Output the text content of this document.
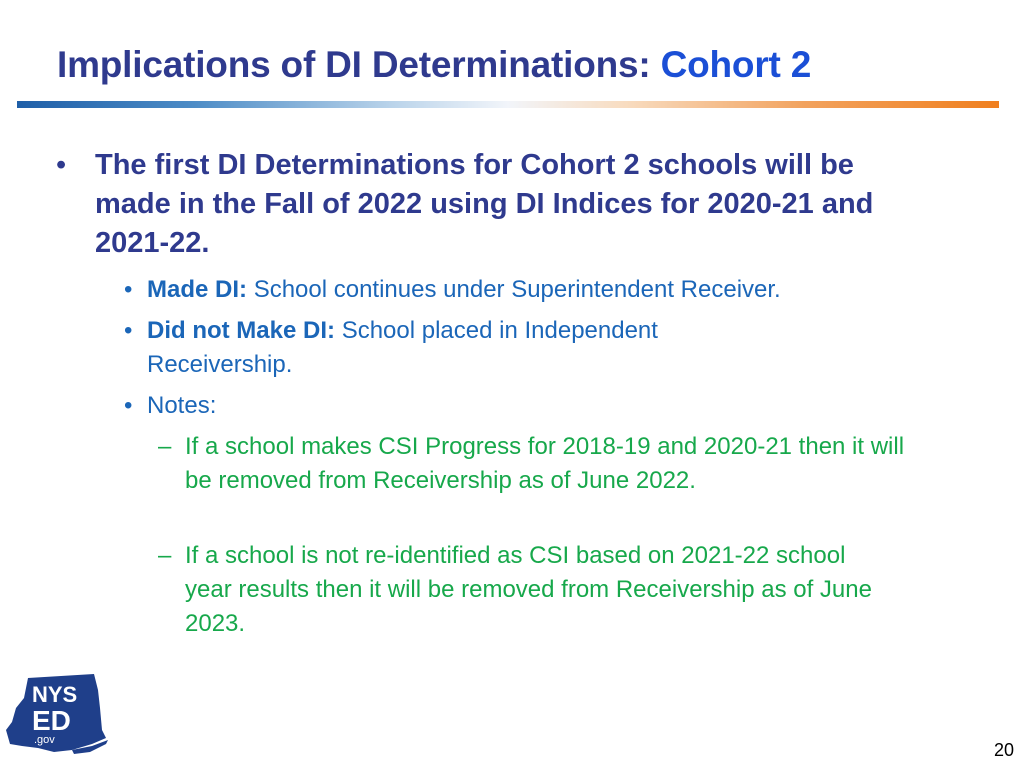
Implications of DI Determinations: Cohort 2
• The first DI Determinations for Cohort 2 schools will be made in the Fall of 2022 using DI Indices for 2020-21 and 2021-22.
• Made DI: School continues under Superintendent Receiver.
• Did not Make DI: School placed in Independent Receivership.
• Notes:
– If a school makes CSI Progress for 2018-19 and 2020-21 then it will be removed from Receivership as of June 2022.
– If a school is not re-identified as CSI based on 2021-22 school year results then it will be removed from Receivership as of June 2023.
NYS
ED
.gov	20
